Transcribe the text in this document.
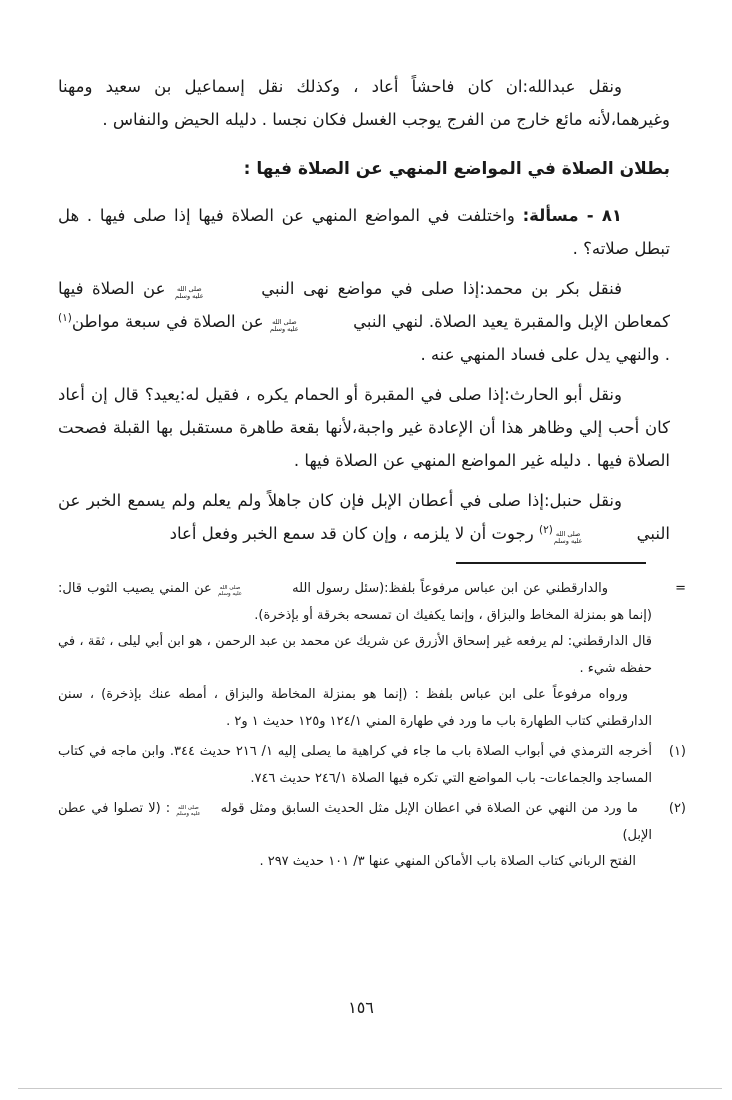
ونقل عبدالله:ان كان فاحشاً أعاد ، وكذلك نقل إسماعيل بن سعيد ومهنا وغيرهما،لأنه مائع خارج من الفرج يوجب الغسل فكان نجسا . دليله الحيض والنفاس .

بطلان الصلاة في المواضع المنهي عن الصلاة فيها :

٨١ - مسألة: واختلفت في المواضع المنهي عن الصلاة فيها إذا صلى فيها . هل تبطل صلاته؟ .

فنقل بكر بن محمد:إذا صلى في مواضع نهى النبي
صلى الله
عليه وسلم
عن الصلاة فيها كمعاطن الإبل والمقبرة يعيد الصلاة. لنهي النبي
صلى الله
عليه وسلم
عن الصلاة في سبعة مواطن$^{(١)}$ . والنهي يدل على فساد المنهي عنه .

ونقل أبو الحارث:إذا صلى في المقبرة أو الحمام يكره ، فقيل له:يعيد؟ قال إن أعاد كان أحب إلي وظاهر هذا أن الإعادة غير واجبة،لأنها بقعة طاهرة مستقبل بها القبلة فصحت الصلاة فيها . دليله غير المواضع المنهي عن الصلاة فيها .

ونقل حنبل:إذا صلى في أعطان الإبل فإن كان جاهلاً ولم يعلم ولم يسمع الخبر عن النبي
صلى الله
عليه وسلم
$^{(٢)}$ رجوت أن لا يلزمه ، وإن كان قد سمع الخبر وفعل أعاد

=

والدارقطني عن ابن عباس مرفوعاً بلفظ:(سئل رسول الله
صلى الله
عليه وسلم
عن المني يصيب الثوب قال: (إنما هو بمنزلة المخاط والبزاق ، وإنما يكفيك ان تمسحه بخرقة أو بإذخرة).

قال الدارقطني: لم يرفعه غير إسحاق الأزرق عن شريك عن محمد بن عبد الرحمن ، هو ابن أبي ليلى ، ثقة ، في حفظه شيء .

ورواه مرفوعاً على ابن عباس بلفظ : (إنما هو بمنزلة المخاطة والبزاق ، أمطه عنك بإذخرة) ، سنن الدارقطني كتاب الطهارة باب ما ورد في طهارة المني ١٢٤/١ و١٢٥ حديث ١ و٢ .

(١)

أخرجه الترمذي في أبواب الصلاة باب ما جاء في كراهية ما يصلى إليه ١/ ٢١٦ حديث ٣٤٤. وابن ماجه في كتاب المساجد والجماعات- باب المواضع التي تكره فيها الصلاة ٢٤٦/١ حديث ٧٤٦.

(٢)

ما ورد من النهي عن الصلاة في اعطان الإبل مثل الحديث السابق ومثل قوله
صلى الله
عليه وسلم
: (لا تصلوا في عطن الإبل)

الفتح الرباني كتاب الصلاة باب الأماكن المنهي عنها ٣/ ١٠١ حديث ٢٩٧ .

١٥٦
